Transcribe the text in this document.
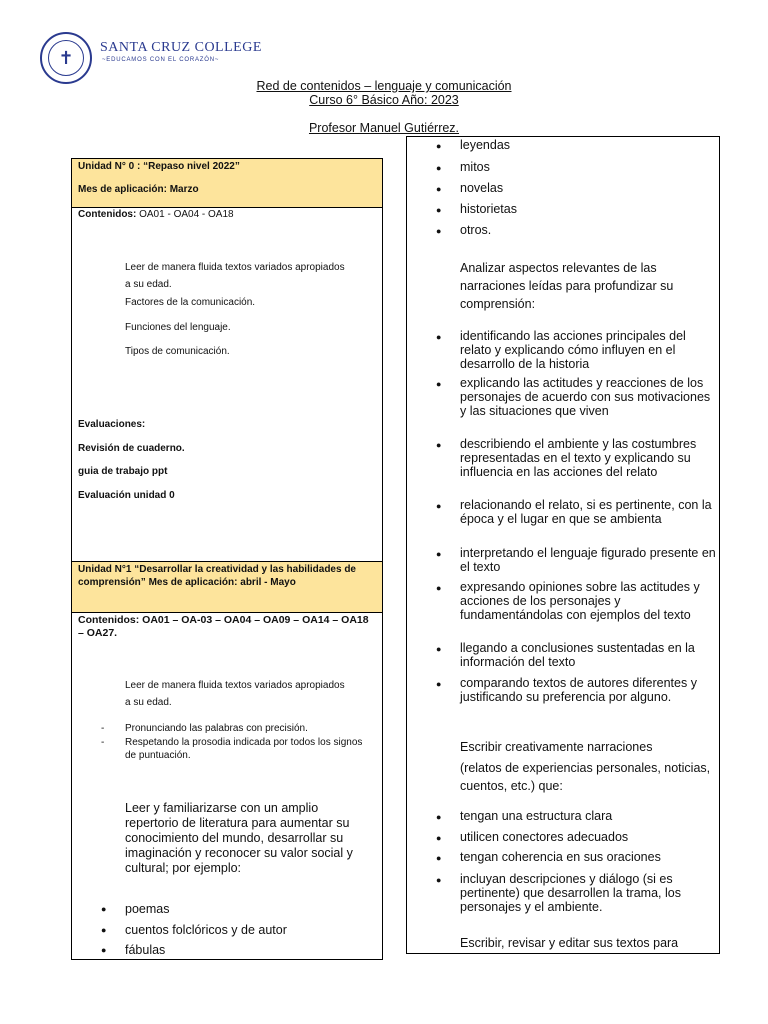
✝	SANTA CRUZ COLLEGE
~EDUCAMOS CON EL CORAZÓN~
Red de contenidos – lenguaje y comunicación
Curso 6° Básico Año: 2023
Profesor Manuel Gutiérrez.
Unidad N° 0 : “Repaso nivel 2022”
Mes de aplicación: Marzo
Contenidos: OA01 - OA04 - OA18
Leer de manera fluida textos variados apropiados a su edad.
Factores de la comunicación.
Funciones del lenguaje.
Tipos de comunicación.
Evaluaciones:
Revisión de cuaderno.
guia de trabajo ppt
Evaluación unidad 0
Unidad N°1 “Desarrollar la creatividad y las habilidades de comprensión” Mes de aplicación: abril - Mayo
Contenidos: OA01 – OA-03 – OA04 – OA09 – OA14 – OA18 – OA27.
Leer de manera fluida textos variados apropiados a su edad.
-	Pronunciando las palabras con precisión.
-	Respetando la prosodia indicada por todos los signos de puntuación.
Leer y familiarizarse con un amplio repertorio de literatura para aumentar su conocimiento del mundo, desarrollar su imaginación y reconocer su valor social y cultural; por ejemplo:
●	poemas
●	cuentos folclóricos y de autor
●	fábulas
●	leyendas
●	mitos
●	novelas
●	historietas
●	otros.
Analizar aspectos relevantes de las narraciones leídas para profundizar su comprensión:
●	identificando las acciones principales del relato y explicando cómo influyen en el desarrollo de la historia
●	explicando las actitudes y reacciones de los personajes de acuerdo con sus motivaciones y las situaciones que viven
●	describiendo el ambiente y las costumbres representadas en el texto y explicando su influencia en las acciones del relato
●	relacionando el relato, si es pertinente, con la época y el lugar en que se ambienta
●	interpretando el lenguaje figurado presente en el texto
●	expresando opiniones sobre las actitudes y acciones de los personajes y fundamentándolas con ejemplos del texto
●	llegando a conclusiones sustentadas en la información del texto
●	comparando textos de autores diferentes y justificando su preferencia por alguno.
Escribir creativamente narraciones
(relatos de experiencias personales, noticias, cuentos, etc.) que:
●	tengan una estructura clara
●	utilicen conectores adecuados
●	tengan coherencia en sus oraciones
●	incluyan descripciones y diálogo (si es pertinente) que desarrollen la trama, los personajes y el ambiente.
Escribir, revisar y editar sus textos para
